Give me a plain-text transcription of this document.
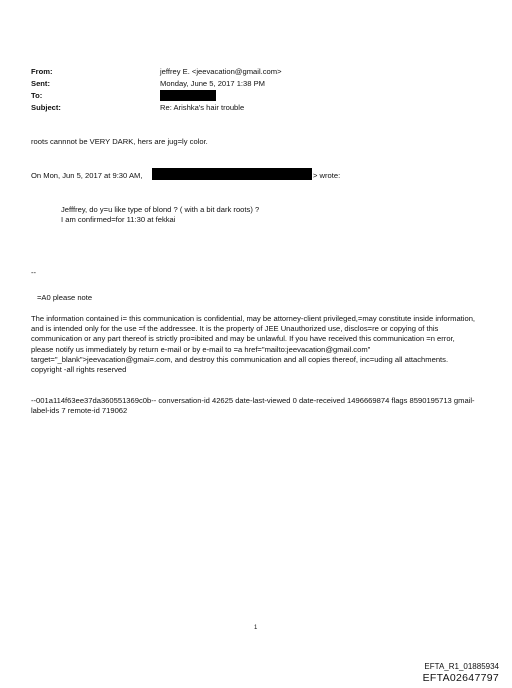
From:	jeffrey E. <jeevacation@gmail.com>
Sent:	Monday, June 5, 2017 1:38 PM
To:
Subject:	Re: Arishka's hair trouble
roots cannnot be VERY DARK, hers are jug=ly color.
On Mon, Jun 5, 2017 at 9:30 AM,	> wrote:
Jefffrey, do y=u like type of blond ? ( with a bit dark roots) ?
I am confirmed=for 11:30 at fekkai
--
=A0 please note
The information contained i= this communication is confidential, may be attorney-client privileged,=may constitute inside information, and is intended only for the use =f the addressee. It is the property of JEE Unauthorized use, disclos=re or copying of this communication or any part thereof is strictly pro=ibited and may be unlawful. If you have received this communication =n error, please notify us immediately by return e-mail or by e-mail to =a href="mailto:jeevacation@gmail.com" target="_blank">jeevacation@gmai=.com, and destroy this communication and all copies thereof, inc=uding all attachments. copyright -all rights reserved
--001a114f63ee37da360551369c0b-- conversation-id 42625 date-last-viewed 0 date-received 1496669874 flags 8590195713 gmail-label-ids 7 remote-id 719062
1
EFTA_R1_01885934
EFTA02647797
